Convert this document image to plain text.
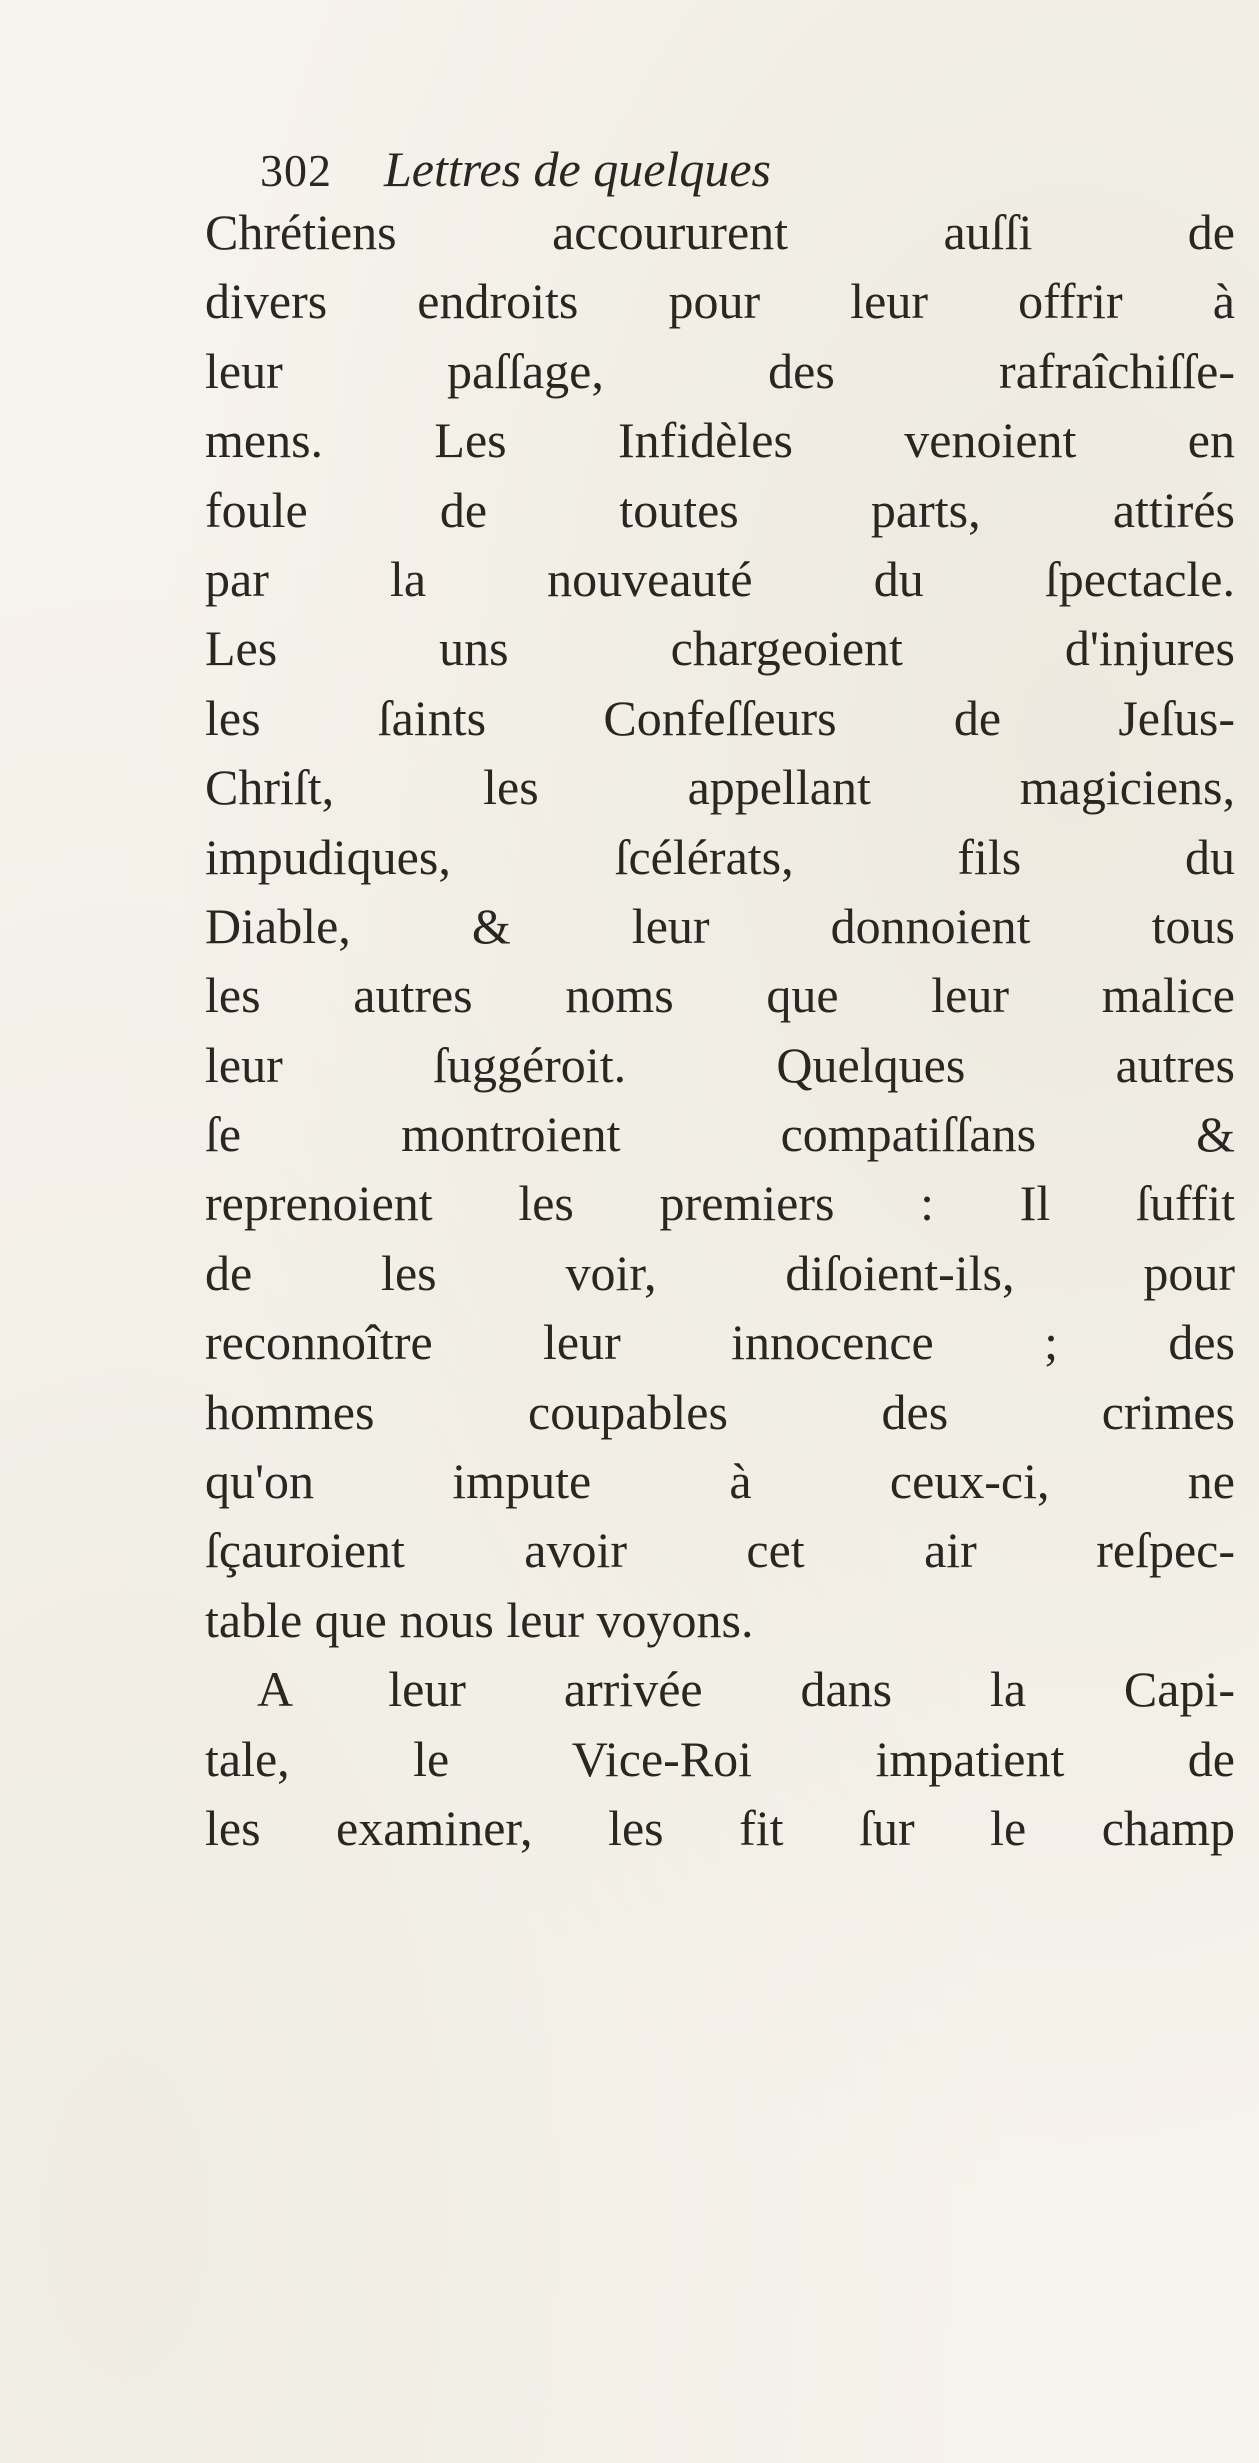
302 Lettres de quelques
Chrétiens accoururent auſſi de
divers endroits pour leur offrir à
leur paſſage, des rafraîchiſſe-
mens. Les Infidèles venoient en
foule de toutes parts, attirés
par la nouveauté du ſpectacle.
Les uns chargeoient d'injures
les ſaints Confeſſeurs de Jeſus-
Chriſt, les appellant magiciens,
impudiques, ſcélérats, fils du
Diable, & leur donnoient tous
les autres noms que leur malice
leur ſuggéroit. Quelques autres
ſe montroient compatiſſans &
reprenoient les premiers : Il ſuffit
de les voir, diſoient-ils, pour
reconnoître leur innocence ; des
hommes coupables des crimes
qu'on impute à ceux-ci, ne
ſçauroient avoir cet air reſpec-
table que nous leur voyons.
A leur arrivée dans la Capi-
tale, le Vice-Roi impatient de
les examiner, les fit ſur le champ
